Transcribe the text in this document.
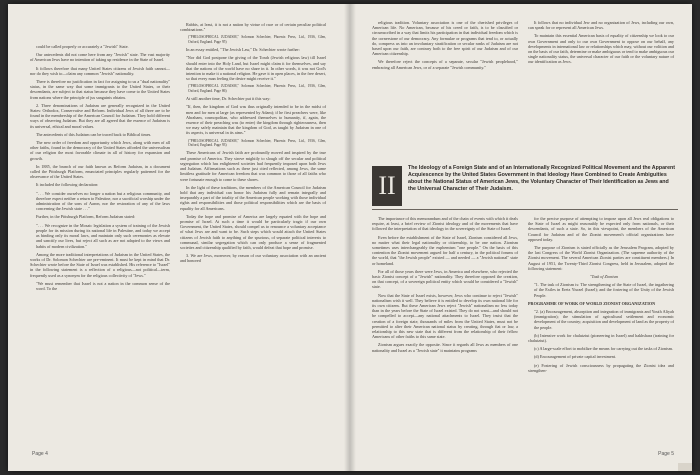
could be called properly or accurately a "Jewish" State.

Our antecedents did not come here from any "Jewish" state. The vast majority of American Jews have no intention of taking up residence in the State of Israel.

It follows therefore that many United States citizens of Jewish faith cannot—nor do they wish to—claim any common "Jewish" nationality.

There is therefore no justification in fact for assigning to us a "dual nationality" status, in the same way that some immigrants to the United States, or their descendants, are subject to that status because they have come to the United States from nations where the principle of jus sanguinis obtains.

2. Three denominations of Judaism are generally recognized in the United States: Orthodox, Conservative and Reform. Individual Jews of all three are to be found in the membership of the American Council for Judaism. They hold different ways of observing Judaism. But they are all agreed that the essence of Judaism is its universal, ethical and moral values.

The antecedents of this Judaism can be traced back to Biblical times.

The new order of freedom and opportunity which Jews, along with men of all other faiths, found in the democracy of the United States afforded the universalism of our religion the most favorable climate in all of history for expansion and growth.

In 1885, the branch of our faith known as Reform Judaism, in a document called the Pittsburgh Platform, enunciated principles regularly patterned for the observance of the United States.

It included the following declaration:

". . . We consider ourselves no longer a nation but a religious community, and therefore expect neither a return to Palestine, nor a sacrificial worship under the administration of the sons of Aaron, nor the restoration of any of the laws concerning the Jewish state . . ."

Further, in the Pittsburgh Platform, Reform Judaism stated:

". . . We recognize in the Mosaic legislation a system of training of the Jewish people for its mission during its national life in Palestine, and today we accept as binding only its moral laws, and maintain only such ceremonies as elevate and sanctify our lives, but reject all such as are not adapted to the views and habits of modern civilization."

Among the more traditional interpretations of Judaism in the United States, the works of Dr. Solomon Schechter are pre-eminent. It must be kept in mind that Dr. Schechter wrote before the State of Israel was established. His reference to "Israel" in the following statement is a reflection of a religious—not political—term, frequently used as a synonym for the religious collectivity of "Jews."

"We must remember that Israel is not a nation in the common sense of the word. To the

Rabbis, at least, it is not a nation by virtue of race or of certain peculiar political combinations."

("PHILOSOPHICAL JUDAISM," Solomon Schechter, Phoenix Press, Ltd., 1936, Glen, Oxford, England. Page 95)

In an essay entitled, "The Jewish Law," Dr. Schechter wrote further:

"Nor did God postpone the giving of the Torah (Jewish religious law) till Israel should enter into the Holy Land, but Israel might claim it for themselves, and say that the nations of the world have no share in it. In other words, it was not God's intention to make it a national religion. He gave it in open places, in the free desert, so that every man feeling the desire might receive it."

("PHILOSOPHICAL JUDAISM," Solomon Schechter, Phoenix Press, Ltd., 1936, Glen, Oxford, England. Page 86)

At still another time, Dr. Schechter put it this way:

"If, then, the kingdom of God was thus originally intended to be in the midst of men and for men at large (as represented by Adam); if he first preachers were, like Abraham, cosmopolitan, who addressed themselves to humanity, if, again, the essence of their preaching was (to enter) the kingdom through righteousness, then we may safely maintain that the kingdom of God, as taught by Judaism in one of its aspects, is universal in its aims."

("PHILOSOPHICAL JUDAISM," Solomon Schechter, Phoenix Press, Ltd., 1936, Glen, Oxford, England. Page 93)

These Americans of Jewish faith are profoundly moved and inspired by the true and promise of America. They strove mightily to slough off the secular and political segregation which has enlightened societies had frequently imposed upon both Jews and Judaism. Affirmations such as these just cited reflected, among Jews, the same limitless gratitude for American freedom that was common to those of all faiths who were fortunate enough to come to these shores.

In the light of these traditions, the members of the American Council for Judaism hold that any individual can honor his Judaism fully and remain integrally and inseparably a part of the totality of the American people working with those individual rights and responsibilities and those political responsibilities which are the basis of equality for all Americans.

Today the hope and promise of America are largely equated with the hope and promise of Israel. At such a time it would be particularly tragic if our own Government, the United States, should compel us to renounce a voluntary acceptance of what Jews are and want to be. Such steps which would attach the United States citizens of Jewish faith to anything of the spurious, of separate political interests to communal, similar segregation which can only produce a sense of fragmented societies and citizenship qualified by faith, would defeat that hope and promise.

3. We are Jews, moreover, by reason of our voluntary association with an ancient and honored

Page 4

religious tradition. Voluntary association is one of the cherished privileges of American life. No American, because of his creed or faith, is to be classified or circumscribed in a way that limits his participation in that individual freedom which is the cornerstone of our democracy. Any formulae or programs that tend to, or actually do, compress us into an involuntary stratification or secular ranks of Judaism are not based upon our faith, are contrary both to the free spirit of our Judaism and of our American citizenship.

We therefore reject the concepts of a separate, secular "Jewish peoplehood," embracing all American Jews, or of a separate "Jewish community."

It follows that no individual Jew and no organization of Jews, including our own, can speak for or represent all American Jews.

To maintain this essential American basis of equality of citizenship we look to our own Government and only to our own Government to oppose on our behalf, any developments in international law or relationships which may, without our volition and on the basis of our faith, determine or make ambiguous or tend to make ambiguous our single nationality status, the universal character of our faith or the voluntary nature of our identification as Jews.

II
The Ideology of a Foreign State and of an Internationally Recognized Political Movement and the Apparent Acquiescence by the United States Government in that Ideology Have Combined to Create Ambiguities about the National Status of American Jews, the Voluntary Character of Their Identification as Jews and the Universal Character of Their Judaism.

The importance of this memorandum and of the chain of events with which it deals require, at least, a brief review of Zionist ideology and of the movements that have followed the interpretation of that ideology in the sovereignty of the State of Israel.

Even before the establishment of the State of Israel, Zionism considered all Jews, no matter what their legal nationality or citizenship, to be one nation. Zionism sometimes uses interchangeably the euphemism "one people." On the basis of this contention the Zionist movement argued for half a century, in the political forums of the world, that "the Jewish people" existed — and needed — a "Jewish national" state or homeland.

For all of those years there were Jews, in America and elsewhere, who rejected the basic Zionist concept of a "Jewish" nationality. They therefore opposed the creation, on that concept, of a sovereign political entity which would be considered a "Jewish" state.

Now that the State of Israel exists, however, Jews who continue to reject "Jewish" nationalism wish it well. They believe it is entitled to develop its own national life for its own citizens. But these American Jews reject "Jewish" nationalism no less today than in the years before the State of Israel existed. They do not want—and should not be compelled to accept—any national attachments to Israel. They insist that the creation of a foreign state, thousands of miles from the United States, must not be permitted to alter their American national status by creating, through fiat or law, a relationship to this new state that is different from the relationship of their fellow Americans of other faiths to this same state.

Zionism argues exactly the opposite. Since it regards all Jews as members of one nationality and Israel as a "Jewish state" it maintains programs

for the precise purpose of attempting to impose upon all Jews real obligations to the State of Israel as might reasonably be expected only from nationals, or their descendants, of such a state. So, in this viewpoint, the members of the American Council for Judaism and of the Zionist movement's official organizations have opposed today.

The purpose of Zionism is stated officially as the Jerusalem Program, adopted by the last Congress of the World Zionist Organization. (The supreme authority of the Zionist movement. The several American Zionist parties are constituent members.) In August of 1951, the Twenty-Third Zionist Congress, held in Jerusalem, adopted the following statement:

"Task of Zionism

"1. The task of Zionism is: The strengthening of the State of Israel, the ingathering of the Exiles in Eretz Yisrael (Israel); and the fostering of the Unity of the Jewish People.

PROGRAMME OF WORK OF WORLD ZIONIST ORGANIZATION

"2. (a) Encouragement, absorption and integration of immigrants and Youth Aliyah (immigration); the stimulation of agricultural settlement and economic development of the country; acquisition and development of land as the property of the people.

(b) Intensive work for chalutziut (pioneering in Israel) and hakhshara (training for chalutziut).

(c) A large-scale effort to mobilize the means for carrying out the tasks of Zionism.

(d) Encouragement of private capital investment.

(e) Fostering of Jewish consciousness by propagating the Zionist idea and strengthen-

Page 5
